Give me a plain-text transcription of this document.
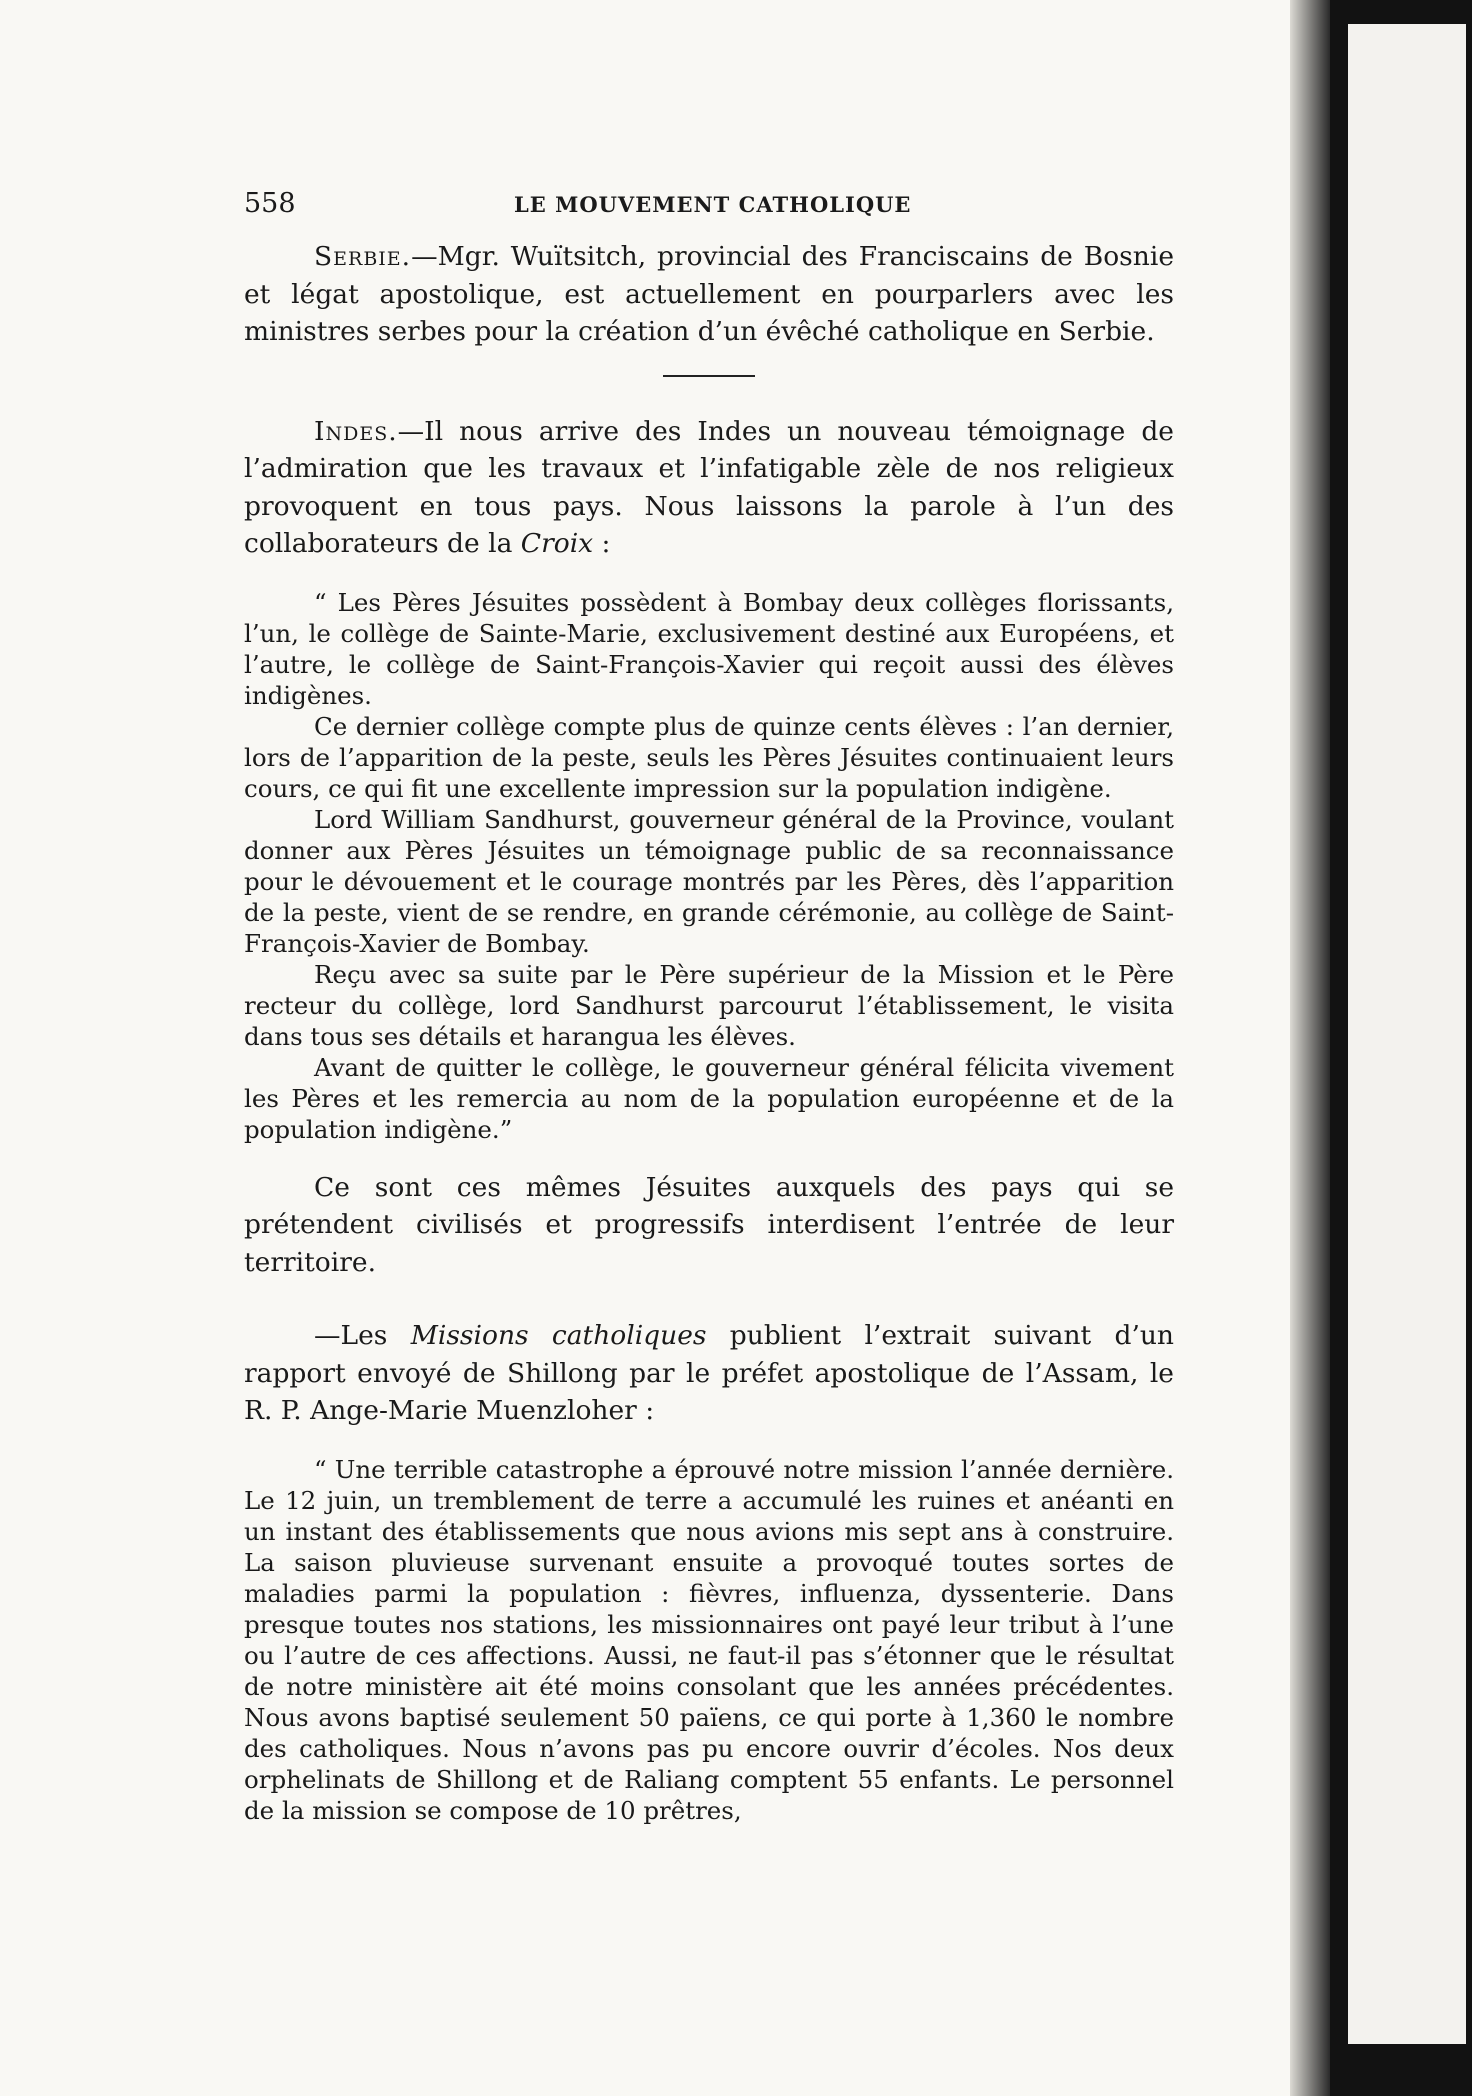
558	LE MOUVEMENT CATHOLIQUE

Serbie.—Mgr. Wuïtsitch, provincial des Franciscains de Bosnie et légat apostolique, est actuellement en pourparlers avec les ministres serbes pour la création d’un évêché catholique en Serbie.

Indes.—Il nous arrive des Indes un nouveau témoignage de l’admiration que les travaux et l’infatigable zèle de nos religieux provoquent en tous pays. Nous laissons la parole à l’un des collaborateurs de la Croix :

“ Les Pères Jésuites possèdent à Bombay deux collèges florissants, l’un, le collège de Sainte-Marie, exclusivement destiné aux Européens, et l’autre, le collège de Saint-François-Xavier qui reçoit aussi des élèves indigènes.

Ce dernier collège compte plus de quinze cents élèves : l’an dernier, lors de l’apparition de la peste, seuls les Pères Jésuites continuaient leurs cours, ce qui fit une excellente impression sur la population indigène.

Lord William Sandhurst, gouverneur général de la Province, voulant donner aux Pères Jésuites un témoignage public de sa reconnaissance pour le dévouement et le courage montrés par les Pères, dès l’apparition de la peste, vient de se rendre, en grande cérémonie, au collège de Saint-François-Xavier de Bombay.

Reçu avec sa suite par le Père supérieur de la Mission et le Père recteur du collège, lord Sandhurst parcourut l’établissement, le visita dans tous ses détails et harangua les élèves.

Avant de quitter le collège, le gouverneur général félicita vivement les Pères et les remercia au nom de la population européenne et de la population indigène.”

Ce sont ces mêmes Jésuites auxquels des pays qui se prétendent civilisés et progressifs interdisent l’entrée de leur territoire.

—Les Missions catholiques publient l’extrait suivant d’un rapport envoyé de Shillong par le préfet apostolique de l’Assam, le R. P. Ange-Marie Muenzloher :

“ Une terrible catastrophe a éprouvé notre mission l’année dernière. Le 12 juin, un tremblement de terre a accumulé les ruines et anéanti en un instant des établissements que nous avions mis sept ans à construire. La saison pluvieuse survenant ensuite a provoqué toutes sortes de maladies parmi la population : fièvres, influenza, dyssenterie. Dans presque toutes nos stations, les missionnaires ont payé leur tribut à l’une ou l’autre de ces affections. Aussi, ne faut-il pas s’étonner que le résultat de notre ministère ait été moins consolant que les années précédentes. Nous avons baptisé seulement 50 païens, ce qui porte à 1,360 le nombre des catholiques. Nous n’avons pas pu encore ouvrir d’écoles. Nos deux orphelinats de Shillong et de Raliang comptent 55 enfants. Le personnel de la mission se compose de 10 prêtres,
